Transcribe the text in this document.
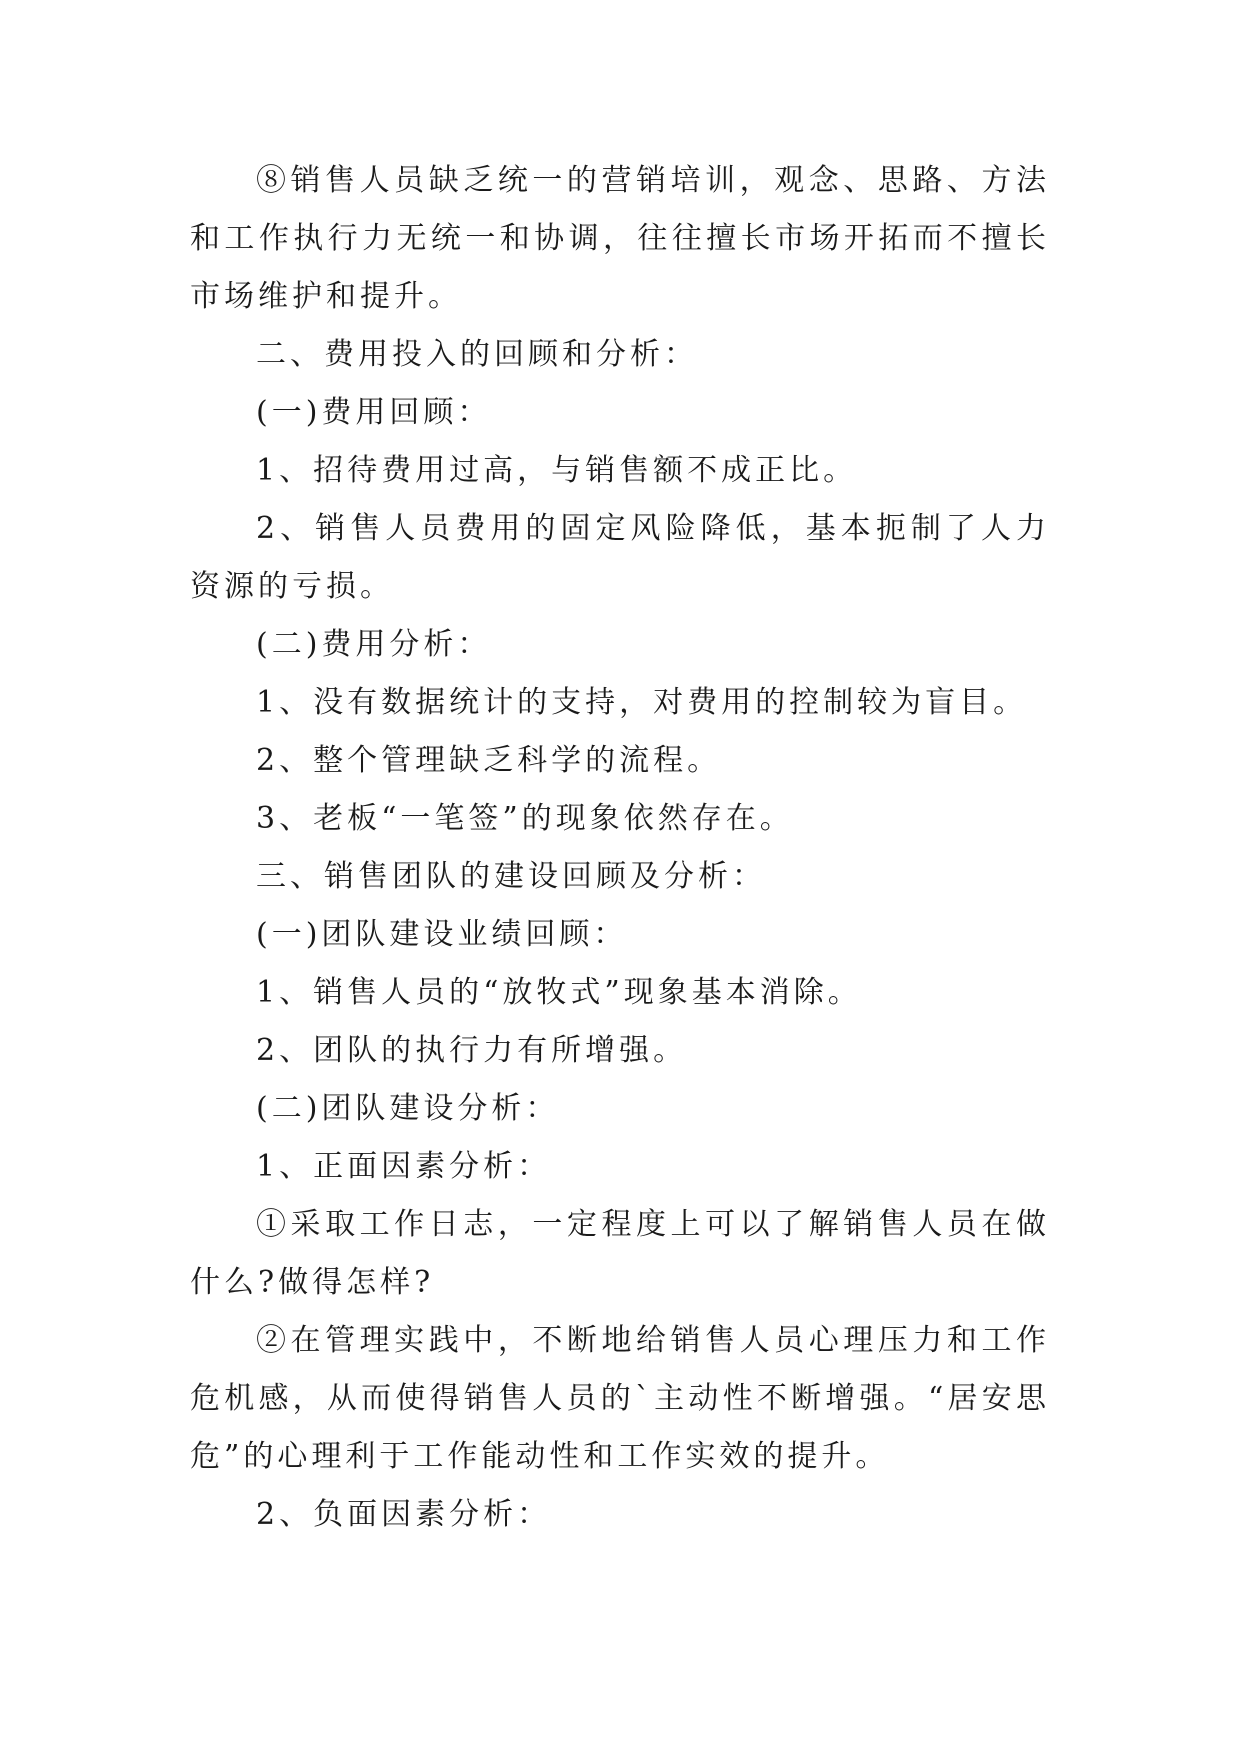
⑧销售人员缺乏统一的营销培训，观念、思路、方法和工作执行力无统一和协调，往往擅长市场开拓而不擅长市场维护和提升。

二、费用投入的回顾和分析：

(一)费用回顾：

1、招待费用过高，与销售额不成正比。

2、销售人员费用的固定风险降低，基本扼制了人力资源的亏损。

(二)费用分析：

1、没有数据统计的支持，对费用的控制较为盲目。

2、整个管理缺乏科学的流程。

3、老板“一笔签”的现象依然存在。

三、销售团队的建设回顾及分析：

(一)团队建设业绩回顾：

1、销售人员的“放牧式”现象基本消除。

2、团队的执行力有所增强。

(二)团队建设分析：

1、正面因素分析：

①采取工作日志，一定程度上可以了解销售人员在做什么?做得怎样?

②在管理实践中，不断地给销售人员心理压力和工作危机感，从而使得销售人员的`主动性不断增强。“居安思危”的心理利于工作能动性和工作实效的提升。

2、负面因素分析：
